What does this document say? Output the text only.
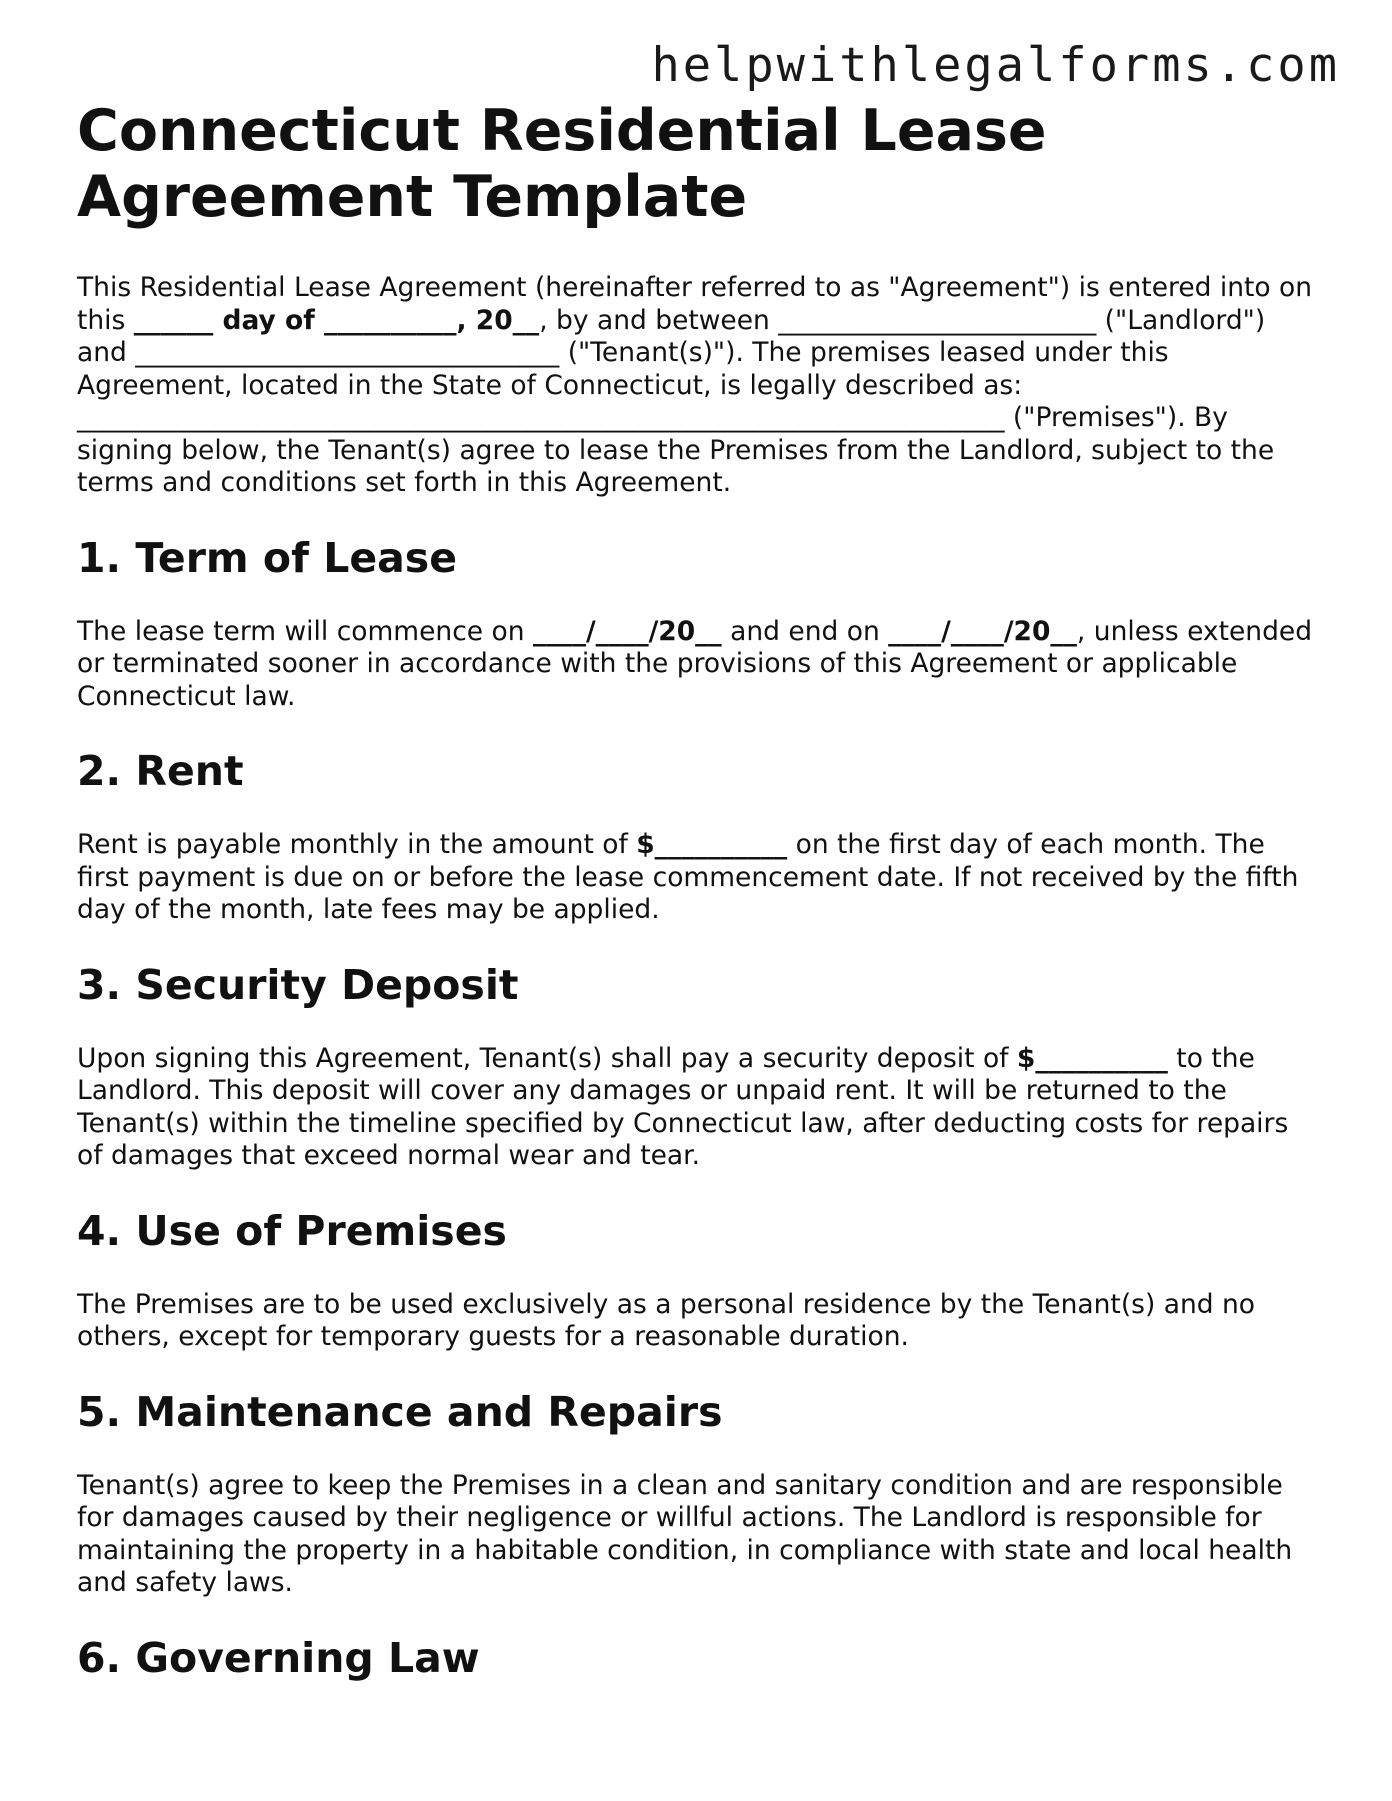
helpwithlegalforms.com
Connecticut Residential Lease Agreement Template

This Residential Lease Agreement (hereinafter referred to as "Agreement") is entered into on this ______ day of __________, 20__, by and between ________________________ ("Landlord") and ________________________________ ("Tenant(s)"). The premises leased under this Agreement, located in the State of Connecticut, is legally described as: ______________________________________________________________________ ("Premises"). By signing below, the Tenant(s) agree to lease the Premises from the Landlord, subject to the terms and conditions set forth in this Agreement.

1. Term of Lease

The lease term will commence on ____/____/20__ and end on ____/____/20__, unless extended or terminated sooner in accordance with the provisions of this Agreement or applicable Connecticut law.

2. Rent

Rent is payable monthly in the amount of $__________ on the first day of each month. The first payment is due on or before the lease commencement date. If not received by the fifth day of the month, late fees may be applied.

3. Security Deposit

Upon signing this Agreement, Tenant(s) shall pay a security deposit of $__________ to the Landlord. This deposit will cover any damages or unpaid rent. It will be returned to the Tenant(s) within the timeline specified by Connecticut law, after deducting costs for repairs of damages that exceed normal wear and tear.

4. Use of Premises

The Premises are to be used exclusively as a personal residence by the Tenant(s) and no others, except for temporary guests for a reasonable duration.

5. Maintenance and Repairs

Tenant(s) agree to keep the Premises in a clean and sanitary condition and are responsible for damages caused by their negligence or willful actions. The Landlord is responsible for maintaining the property in a habitable condition, in compliance with state and local health and safety laws.

6. Governing Law
